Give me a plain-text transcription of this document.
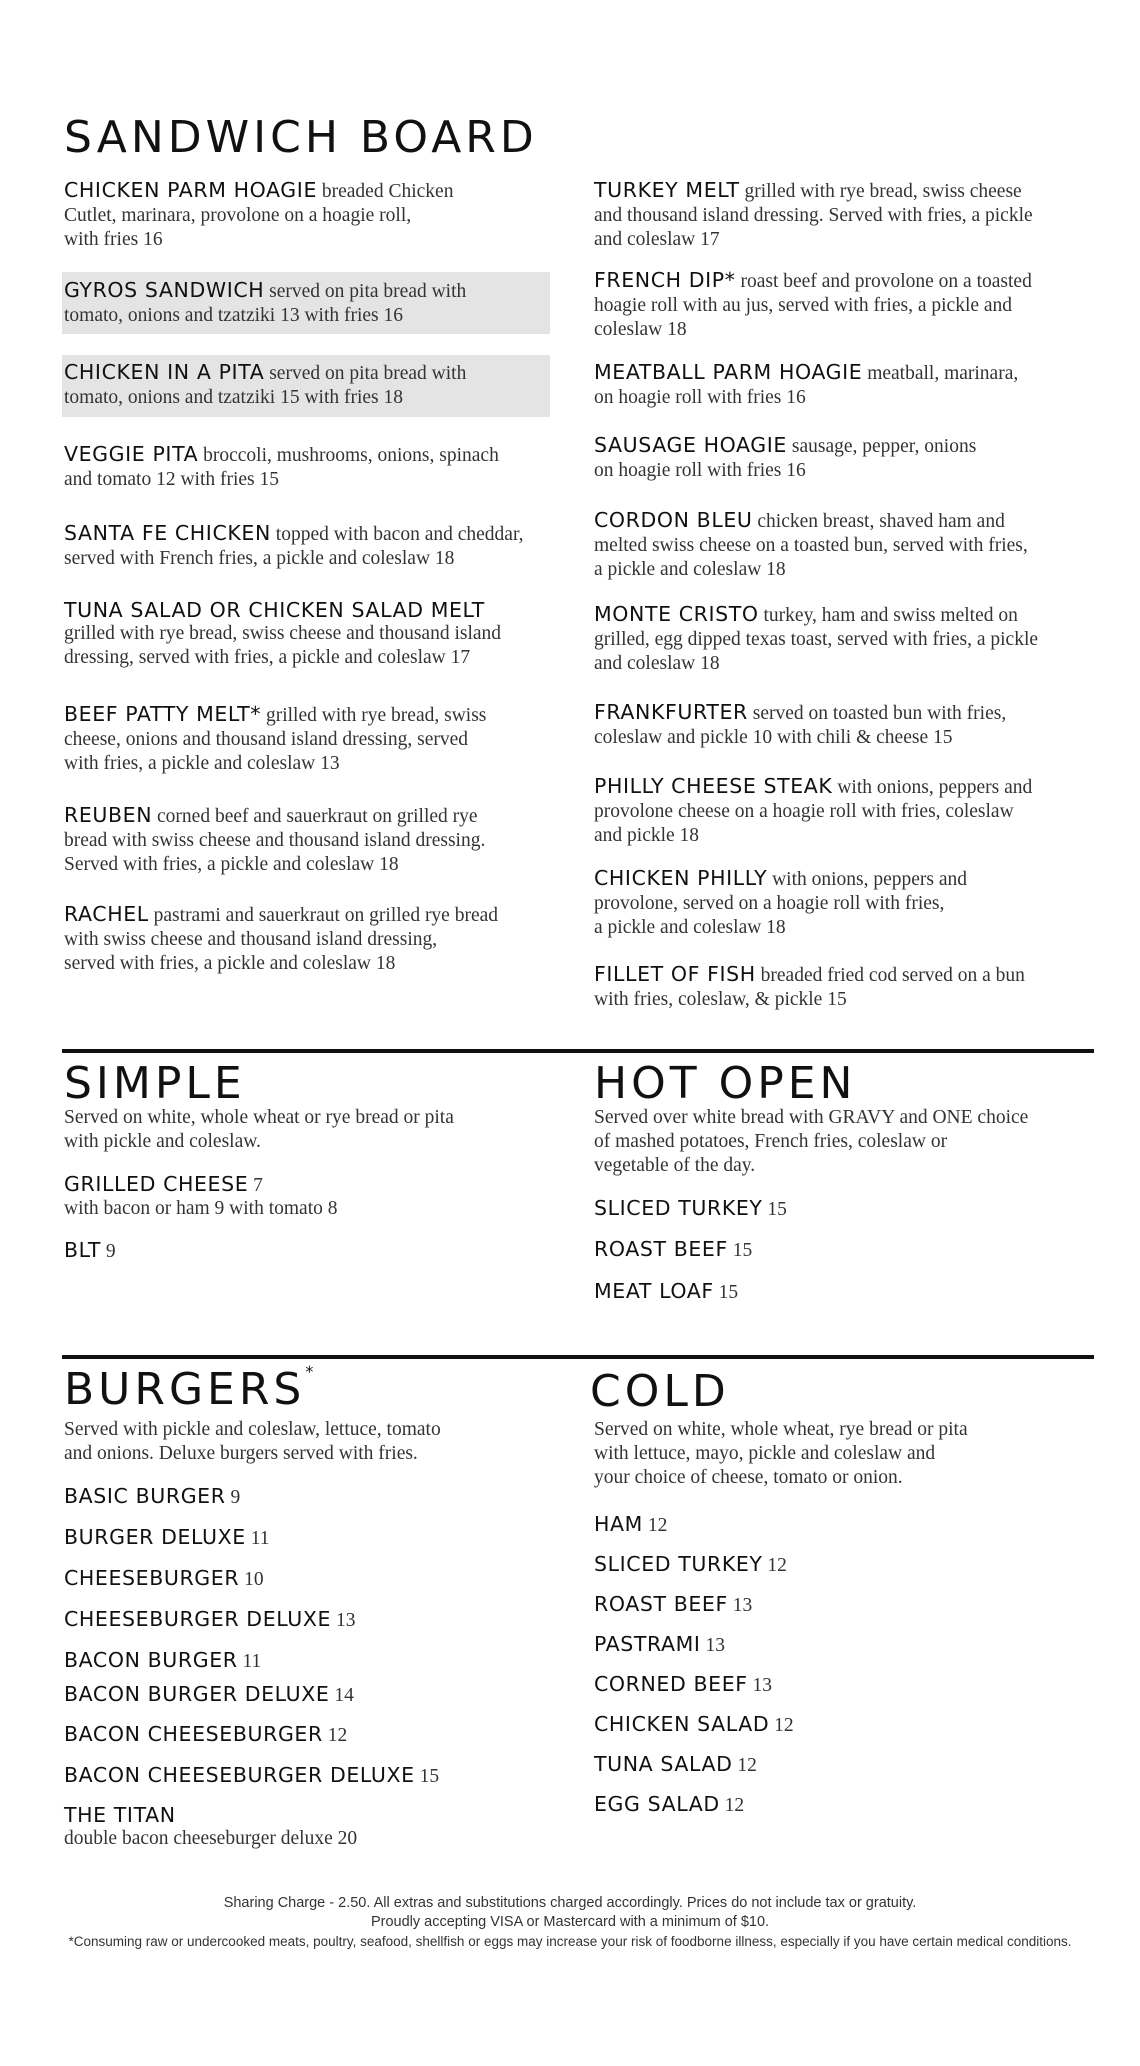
SANDWICH BOARD
CHICKEN PARM HOAGIE breaded Chicken
Cutlet, marinara, provolone on a hoagie roll,
with fries 16
GYROS SANDWICH served on pita bread with
tomato, onions and tzatziki 13 with fries 16
CHICKEN IN A PITA served on pita bread with
tomato, onions and tzatziki 15 with fries 18
VEGGIE PITA broccoli, mushrooms, onions, spinach
and tomato 12 with fries 15
SANTA FE CHICKEN topped with bacon and cheddar,
served with French fries, a pickle and coleslaw 18
TUNA SALAD OR CHICKEN SALAD MELT
grilled with rye bread, swiss cheese and thousand island
dressing, served with fries, a pickle and coleslaw 17
BEEF PATTY MELT* grilled with rye bread, swiss
cheese, onions and thousand island dressing, served
with fries, a pickle and coleslaw 13
REUBEN corned beef and sauerkraut on grilled rye
bread with swiss cheese and thousand island dressing.
Served with fries, a pickle and coleslaw 18
RACHEL pastrami and sauerkraut on grilled rye bread
with swiss cheese and thousand island dressing,
served with fries, a pickle and coleslaw 18
TURKEY MELT grilled with rye bread, swiss cheese
and thousand island dressing. Served with fries, a pickle
and coleslaw 17
FRENCH DIP* roast beef and provolone on a toasted
hoagie roll with au jus, served with fries, a pickle and
coleslaw 18
MEATBALL PARM HOAGIE meatball, marinara,
on hoagie roll with fries 16
SAUSAGE HOAGIE sausage, pepper, onions
on hoagie roll with fries 16
CORDON BLEU chicken breast, shaved ham and
melted swiss cheese on a toasted bun, served with fries,
a pickle and coleslaw 18
MONTE CRISTO turkey, ham and swiss melted on
grilled, egg dipped texas toast, served with fries, a pickle
and coleslaw 18
FRANKFURTER served on toasted bun with fries,
coleslaw and pickle 10 with chili & cheese 15
PHILLY CHEESE STEAK with onions, peppers and
provolone cheese on a hoagie roll with fries, coleslaw
and pickle 18
CHICKEN PHILLY with onions, peppers and
provolone, served on a hoagie roll with fries,
a pickle and coleslaw 18
FILLET OF FISH breaded fried cod served on a bun
with fries, coleslaw, & pickle 15
SIMPLE
Served on white, whole wheat or rye bread or pita
with pickle and coleslaw.
GRILLED CHEESE 7
with bacon or ham 9 with tomato 8
BLT 9
HOT OPEN
Served over white bread with GRAVY and ONE choice
of mashed potatoes, French fries, coleslaw or
vegetable of the day.
SLICED TURKEY 15
ROAST BEEF 15
MEAT LOAF 15
BURGERS*
Served with pickle and coleslaw, lettuce, tomato
and onions. Deluxe burgers served with fries.
BASIC BURGER 9
BURGER DELUXE 11
CHEESEBURGER 10
CHEESEBURGER DELUXE 13
BACON BURGER 11
BACON BURGER DELUXE 14
BACON CHEESEBURGER 12
BACON CHEESEBURGER DELUXE 15
THE TITAN
double bacon cheeseburger deluxe 20
COLD
Served on white, whole wheat, rye bread or pita
with lettuce, mayo, pickle and coleslaw and
your choice of cheese, tomato or onion.
HAM 12
SLICED TURKEY 12
ROAST BEEF 13
PASTRAMI 13
CORNED BEEF 13
CHICKEN SALAD 12
TUNA SALAD 12
EGG SALAD 12
Sharing Charge - 2.50. All extras and substitutions charged accordingly. Prices do not include tax or gratuity.
Proudly accepting VISA or Mastercard with a minimum of $10.
*Consuming raw or undercooked meats, poultry, seafood, shellfish or eggs may increase your risk of foodborne illness, especially if you have certain medical conditions.
